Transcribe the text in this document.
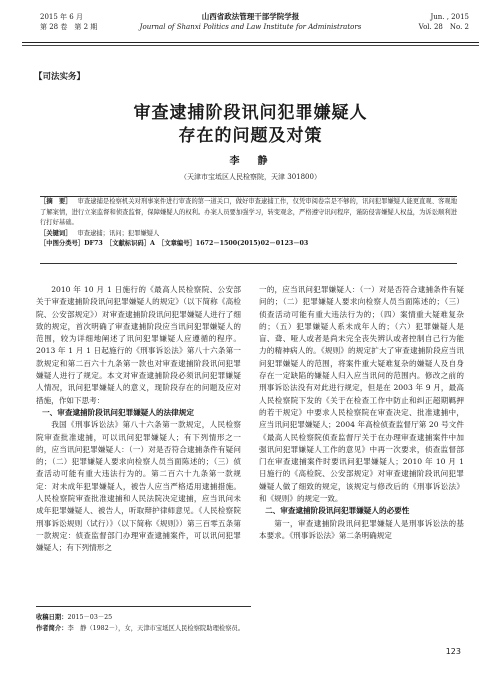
2015 年 6 月
第 28 卷　第 2 期
山西省政法管理干部学院学报
Journal of Shanxi Politics and Law Institute for Administrators
Jun. , 2015
Vol. 28　No. 2
【司法实务】
审查逮捕阶段讯问犯罪嫌疑人
存在的问题及对策
李　静
（天津市宝坻区人民检察院，天津 301800）
［摘　要］ 审查逮捕是检察机关对刑事案件进行审查的第一道关口，做好审查逮捕工作，仅凭审阅卷宗是不够的，讯问犯罪嫌疑人能更直观、客观地了解案情，进行立案监督和侦查监督，保障嫌疑人的权利。办案人员要加强学习，转变观念，严格遵守讯问程序，谨防侵害嫌疑人权益，为诉讼顺利进行打好基础。
［关键词］ 审查逮捕；讯问；犯罪嫌疑人
［中图分类号］DF73　［文献标识码］A　［文章编号］1672－1500(2015)02－0123－03

2010 年 10 月 1 日施行的《最高人民检察院、公安部关于审查逮捕阶段讯问犯罪嫌疑人的规定》（以下简称《高检院、公安部规定》）对审查逮捕阶段讯问犯罪嫌疑人进行了细致的规定，首次明确了审查逮捕阶段应当讯问犯罪嫌疑人的范围，较为详细地阐述了讯问犯罪嫌疑人应遵循的程序。2013 年 1 月 1 日起施行的《刑事诉讼法》第八十六条第一款规定和第二百六十九条第一款也对审查逮捕阶段讯问犯罪嫌疑人进行了规定。本文对审查逮捕阶段必须讯问犯罪嫌疑人情况，讯问犯罪嫌疑人的意义，现阶段存在的问题及应对措施，作如下思考：

一、审查逮捕阶段讯问犯罪嫌疑人的法律规定

我国《刑事诉讼法》第八十六条第一款规定，人民检察院审查批准逮捕，可以讯问犯罪嫌疑人；有下列情形之一的，应当讯问犯罪嫌疑人：（一）对是否符合逮捕条件有疑问的；（二）犯罪嫌疑人要求向检察人员当面陈述的；（三）侦查活动可能有重大违法行为的。第二百六十九条第一款规定：对未成年犯罪嫌疑人，被告人应当严格适用逮捕措施。人民检察院审查批准逮捕和人民法院决定逮捕，应当讯问未成年犯罪嫌疑人、被告人，听取辩护律师意见。《人民检察院刑事诉讼规则（试行）》（以下简称《规则》）第三百零五条第一款规定：侦查监督部门办理审查逮捕案件，可以讯问犯罪嫌疑人；有下列情形之

一的，应当讯问犯罪嫌疑人：（一）对是否符合逮捕条件有疑问的；（二）犯罪嫌疑人要求向检察人员当面陈述的；（三）侦查活动可能有重大违法行为的；（四）案情重大疑难复杂的；（五）犯罪嫌疑人系未成年人的；（六）犯罪嫌疑人是盲、聋、哑人或者是尚未完全丧失辨认或者控制自己行为能力的精神病人的。《规则》的规定扩大了审查逮捕阶段应当讯问犯罪嫌疑人的范围，将案件重大疑难复杂的嫌疑人及自身存在一定缺陷的嫌疑人归入应当讯问的范围内。修改之前的刑事诉讼法没有对此进行规定，但是在 2003 年 9 月，最高人民检察院下发的《关于在检查工作中防止和纠正超期羁押的若干规定》中要求人民检察院在审查决定、批准逮捕中，应当讯问犯罪嫌疑人；2004 年高检侦查监督厅第 20 号文件《最高人民检察院侦查监督厅关于在办理审查逮捕案件中加强讯问犯罪嫌疑人工作的意见》中再一次要求，侦查监督部门在审查逮捕案件时要讯问犯罪嫌疑人；2010 年 10 月 1 日施行的《高检院、公安部规定》对审查逮捕阶段讯问犯罪嫌疑人做了细致的规定，该规定与修改后的《刑事诉讼法》和《规则》的规定一致。

二、审查逮捕阶段讯问犯罪嫌疑人的必要性

第一，审查逮捕阶段讯问犯罪嫌疑人是刑事诉讼法的基本要求。《刑事诉讼法》第二条明确规定

收稿日期：2015－03－25
作者简介：李　静（1982－），女，天津市宝坻区人民检察院助理检察员。
123
